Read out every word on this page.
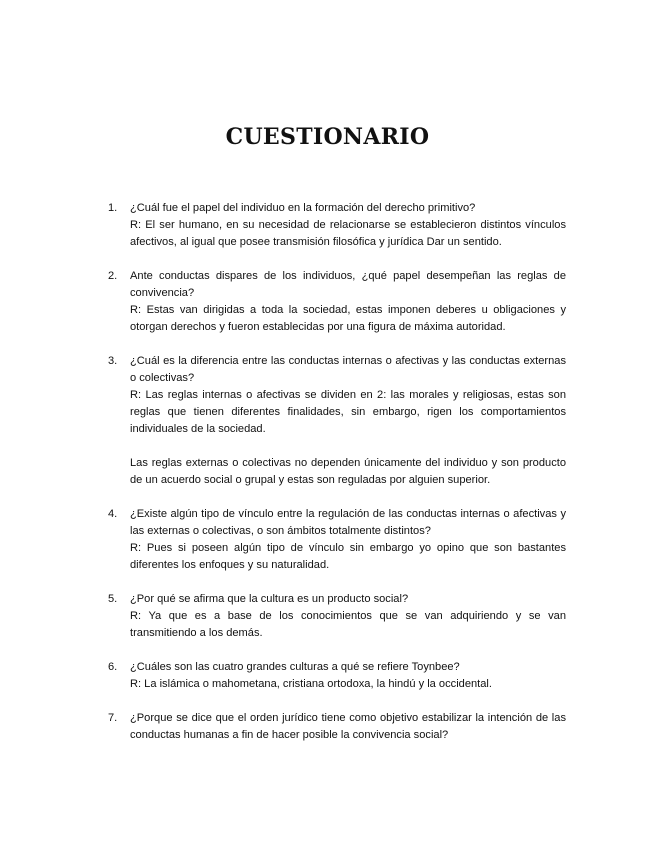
CUESTIONARIO
1. ¿Cuál fue el papel del individuo en la formación del derecho primitivo?

R: El ser humano, en su necesidad de relacionarse se establecieron distintos vínculos afectivos, al igual que posee transmisión filosófica y jurídica Dar un sentido.

2. Ante conductas dispares de los individuos, ¿qué papel desempeñan las reglas de convivencia?

R: Estas van dirigidas a toda la sociedad, estas imponen deberes u obligaciones y otorgan derechos y fueron establecidas por una figura de máxima autoridad.

3. ¿Cuál es la diferencia entre las conductas internas o afectivas y las conductas externas o colectivas?

R: Las reglas internas o afectivas se dividen en 2: las morales y religiosas, estas son reglas que tienen diferentes finalidades, sin embargo, rigen los comportamientos individuales de la sociedad.

Las reglas externas o colectivas no dependen únicamente del individuo y son producto de un acuerdo social o grupal y estas son reguladas por alguien superior.

4. ¿Existe algún tipo de vínculo entre la regulación de las conductas internas o afectivas y las externas o colectivas, o son ámbitos totalmente distintos?

R: Pues si poseen algún tipo de vínculo sin embargo yo opino que son bastantes diferentes los enfoques y su naturalidad.

5. ¿Por qué se afirma que la cultura es un producto social?

R: Ya que es a base de los conocimientos que se van adquiriendo y se van transmitiendo a los demás.

6. ¿Cuáles son las cuatro grandes culturas a qué se refiere Toynbee?

R: La islámica o mahometana, cristiana ortodoxa, la hindú y la occidental.

7. ¿Porque se dice que el orden jurídico tiene como objetivo estabilizar la intención de las conductas humanas a fin de hacer posible la convivencia social?
